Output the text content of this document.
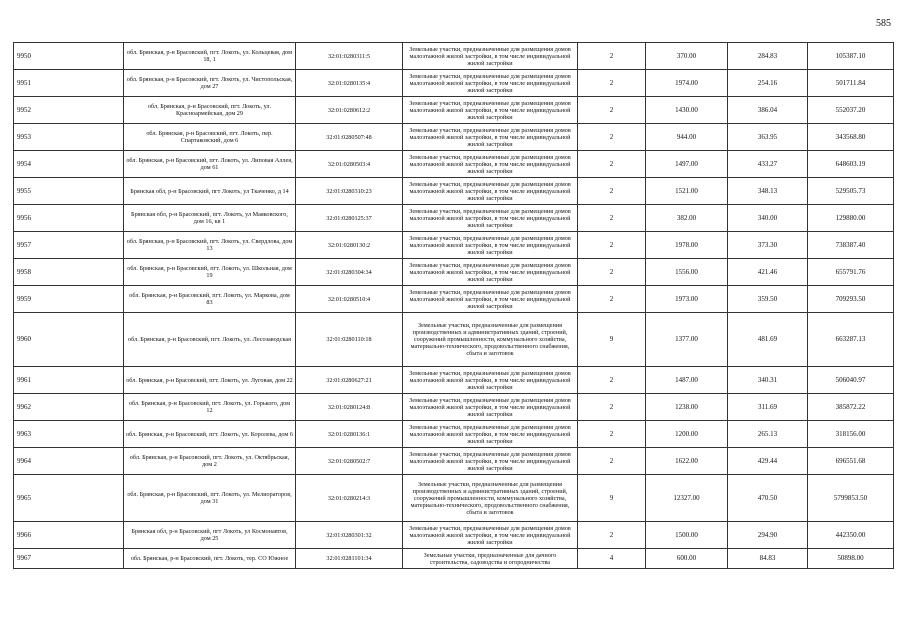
585
9950	обл. Брянская, р-н Брасовский, пгт. Локоть, ул. Кольцевая, дом 18, 1	32:01:0280311:5	Земельные участки, предназначенные для размещения домов малоэтажной жилой застройки, в том числе индивидуальной жилой застройки	2	370.00	284.83	105387.10
9951	обл. Брянская, р-н Брасовский, пгт. Локоть, ул. Чистопольская, дом 27	32:01:0280135:4	Земельные участки, предназначенные для размещения домов малоэтажной жилой застройки, в том числе индивидуальной жилой застройки	2	1974.00	254.16	501711.84
9952	обл. Брянская, р-н Брасовский, пгт. Локоть, ул. Красноармейская, дом 29	32:01:0280612:2	Земельные участки, предназначенные для размещения домов малоэтажной жилой застройки, в том числе индивидуальной жилой застройки	2	1430.00	386.04	552037.20
9953	обл. Брянская, р-н Брасовский, пгт. Локоть, пер. Спартаковский, дом 6	32:01:0280507:48	Земельные участки, предназначенные для размещения домов малоэтажной жилой застройки, в том числе индивидуальной жилой застройки	2	944.00	363.95	343568.80
9954	обл. Брянская, р-н Брасовский, пгт. Локоть, ул. Липовая Аллея, дом 61	32:01:0280503:4	Земельные участки, предназначенные для размещения домов малоэтажной жилой застройки, в том числе индивидуальной жилой застройки	2	1497.00	433.27	648603.19
9955	Брянская обл, р-н Брасовский, пгт Локоть, ул Ткаченко, д 14	32:01:0280310:23	Земельные участки, предназначенные для размещения домов малоэтажной жилой застройки, в том числе индивидуальной жилой застройки	2	1521.00	348.13	529505.73
9956	Брянская обл, р-н Брасовский, пгт. Локоть, ул Маяковского, дом 16, кв 1	32:01:0280125:37	Земельные участки, предназначенные для размещения домов малоэтажной жилой застройки, в том числе индивидуальной жилой застройки	2	382.00	340.00	129880.00
9957	обл. Брянская, р-н Брасовский, пгт. Локоть, ул. Свердлова, дом 13	32:01:0280130:2	Земельные участки, предназначенные для размещения домов малоэтажной жилой застройки, в том числе индивидуальной жилой застройки	2	1978.00	373.30	738387.40
9958	обл. Брянская, р-н Брасовский, пгт. Локоть, ул. Школьная, дом 19	32:01:0280304:34	Земельные участки, предназначенные для размещения домов малоэтажной жилой застройки, в том числе индивидуальной жилой застройки	2	1556.00	421.46	655791.76
9959	обл. Брянская, р-н Брасовский, пгт. Локоть, ул. Маркова, дом 83	32:01:0280510:4	Земельные участки, предназначенные для размещения домов малоэтажной жилой застройки, в том числе индивидуальной жилой застройки	2	1973.00	359.50	709293.50
9960	обл. Брянская, р-н Брасовский, пгт. Локоть, ул. Лесозаводская	32:01:0280110:18	Земельные участки, предназначенные для размещения производственных и административных зданий, строений, сооружений промышленности, коммунального хозяйства, материально-технического, продовольственного снабжения, сбыта и заготовок	9	1377.00	481.69	663287.13
9961	обл. Брянская, р-н Брасовский, пгт. Локоть, ул. Луговая, дом 22	32:01:0280627:21	Земельные участки, предназначенные для размещения домов малоэтажной жилой застройки, в том числе индивидуальной жилой застройки	2	1487.00	340.31	506040.97
9962	обл. Брянская, р-н Брасовский, пгт. Локоть, ул. Горького, дом 12	32:01:0280124:8	Земельные участки, предназначенные для размещения домов малоэтажной жилой застройки, в том числе индивидуальной жилой застройки	2	1238.00	311.69	385872.22
9963	обл. Брянская, р-н Брасовский, пгт. Локоть, ул. Королева, дом 6	32:01:0280136:1	Земельные участки, предназначенные для размещения домов малоэтажной жилой застройки, в том числе индивидуальной жилой застройки	2	1200.00	265.13	318156.00
9964	обл. Брянская, р-н Брасовский, пгт. Локоть, ул. Октябрьская, дом 2	32:01:0280502:7	Земельные участки, предназначенные для размещения домов малоэтажной жилой застройки, в том числе индивидуальной жилой застройки	2	1622.00	429.44	696551.68
9965	обл. Брянская, р-н Брасовский, пгт. Локоть, ул. Мелиораторов, дом 31	32:01:0280214:3	Земельные участки, предназначенные для размещения производственных и административных зданий, строений, сооружений промышленности, коммунального хозяйства, материально-технического, продовольственного снабжения, сбыта и заготовок	9	12327.00	470.50	5799853.50
9966	Брянская обл, р-н Брасовский, пгт Локоть, ул Космонавтов, дом 25	32:01:0280301:32	Земельные участки, предназначенные для размещения домов малоэтажной жилой застройки, в том числе индивидуальной жилой застройки	2	1500.00	294.90	442350.00
9967	обл. Брянская, р-н Брасовский, пгт. Локоть, тер. СО Южное	32:01:0281101:34	Земельные участки, предназначенные для дачного строительства, садоводства и огородничества	4	600.00	84.83	50898.00
